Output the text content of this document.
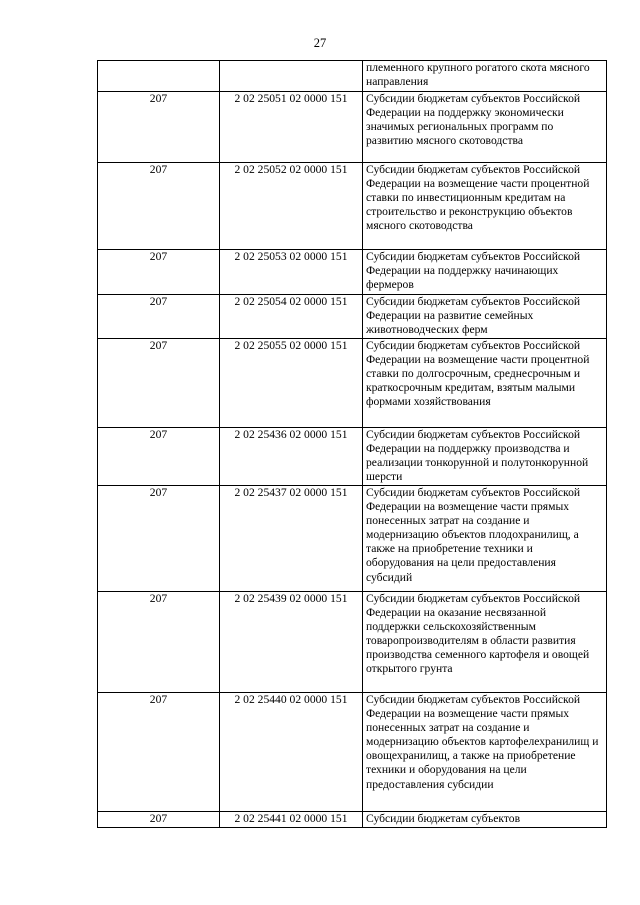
27
		племенного крупного рогатого скота мясного направления
207	2 02 25051 02 0000 151	Субсидии бюджетам субъектов Российской Федерации на поддержку экономически значимых региональных программ по развитию мясного скотоводства
207	2 02 25052 02 0000 151	Субсидии бюджетам субъектов Российской Федерации на возмещение части процентной ставки по инвестиционным кредитам на строительство и реконструкцию объектов мясного скотоводства
207	2 02 25053 02 0000 151	Субсидии бюджетам субъектов Российской Федерации на поддержку начинающих фермеров
207	2 02 25054 02 0000 151	Субсидии бюджетам субъектов Российской Федерации на развитие семейных животноводческих ферм
207	2 02 25055 02 0000 151	Субсидии бюджетам субъектов Российской Федерации на возмещение части процентной ставки по долгосрочным, среднесрочным и краткосрочным кредитам, взятым малыми формами хозяйствования
207	2 02 25436 02 0000 151	Субсидии бюджетам субъектов Российской Федерации на поддержку производства и реализации тонкорунной и полутонкорунной шерсти
207	2 02 25437 02 0000 151	Субсидии бюджетам субъектов Российской Федерации на возмещение части прямых понесенных затрат на создание и модернизацию объектов плодохранилищ, а также на приобретение техники и оборудования на цели предоставления субсидий
207	2 02 25439 02 0000 151	Субсидии бюджетам субъектов Российской Федерации на оказание несвязанной поддержки сельскохозяйственным товаропроизводителям в области развития производства семенного картофеля и овощей открытого грунта
207	2 02 25440 02 0000 151	Субсидии бюджетам субъектов Российской Федерации на возмещение части прямых понесенных затрат на создание и модернизацию объектов картофелехранилищ и овощехранилищ, а также на приобретение техники и оборудования на цели предоставления субсидии
207	2 02 25441 02 0000 151	Субсидии бюджетам субъектов
